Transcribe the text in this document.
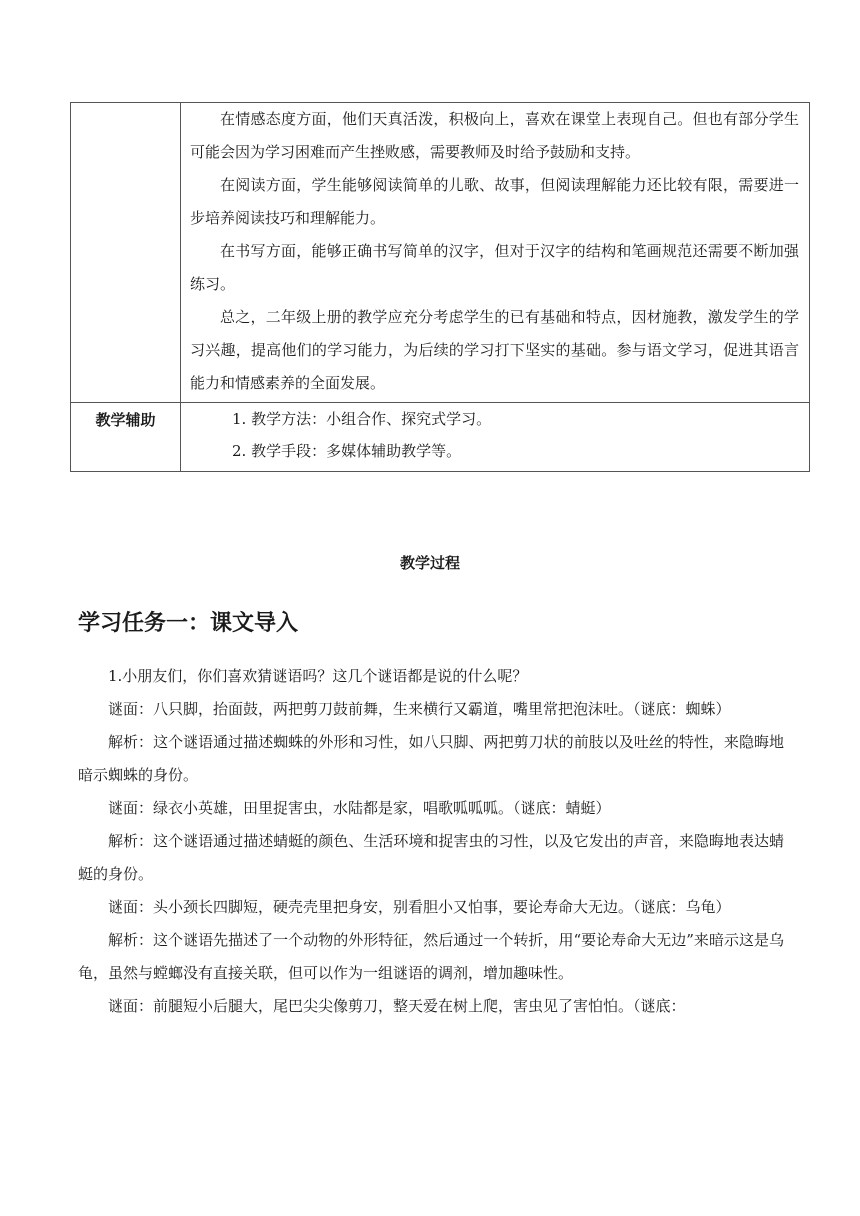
	在情感态度方面，他们天真活泼，积极向上，喜欢在课堂上表现自己。但也有部分学生可能会因为学习困难而产生挫败感，需要教师及时给予鼓励和支持。

在阅读方面，学生能够阅读简单的儿歌、故事，但阅读理解能力还比较有限，需要进一步培养阅读技巧和理解能力。

在书写方面，能够正确书写简单的汉字，但对于汉字的结构和笔画规范还需要不断加强练习。

总之，二年级上册的教学应充分考虑学生的已有基础和特点，因材施教，激发学生的学习兴趣，提高他们的学习能力，为后续的学习打下坚实的基础。参与语文学习，促进其语言能力和情感素养的全面发展。

教学辅助	1. 教学方法：小组合作、探究式学习。
2. 教学手段：多媒体辅助教学等。
教学过程
学习任务一：课文导入

1.小朋友们，你们喜欢猜谜语吗？这几个谜语都是说的什么呢？

谜面：八只脚，抬面鼓，两把剪刀鼓前舞，生来横行又霸道，嘴里常把泡沫吐。（谜底：蜘蛛）

解析：这个谜语通过描述蜘蛛的外形和习性，如八只脚、两把剪刀状的前肢以及吐丝的特性，来隐晦地暗示蜘蛛的身份。

谜面：绿衣小英雄，田里捉害虫，水陆都是家，唱歌呱呱呱。（谜底：蜻蜓）

解析：这个谜语通过描述蜻蜓的颜色、生活环境和捉害虫的习性，以及它发出的声音，来隐晦地表达蜻蜓的身份。

谜面：头小颈长四脚短，硬壳壳里把身安，别看胆小又怕事，要论寿命大无边。（谜底：乌龟）

解析：这个谜语先描述了一个动物的外形特征，然后通过一个转折，用“要论寿命大无边”来暗示这是乌龟，虽然与螳螂没有直接关联，但可以作为一组谜语的调剂，增加趣味性。

谜面：前腿短小后腿大，尾巴尖尖像剪刀，整天爱在树上爬，害虫见了害怕怕。（谜底：
